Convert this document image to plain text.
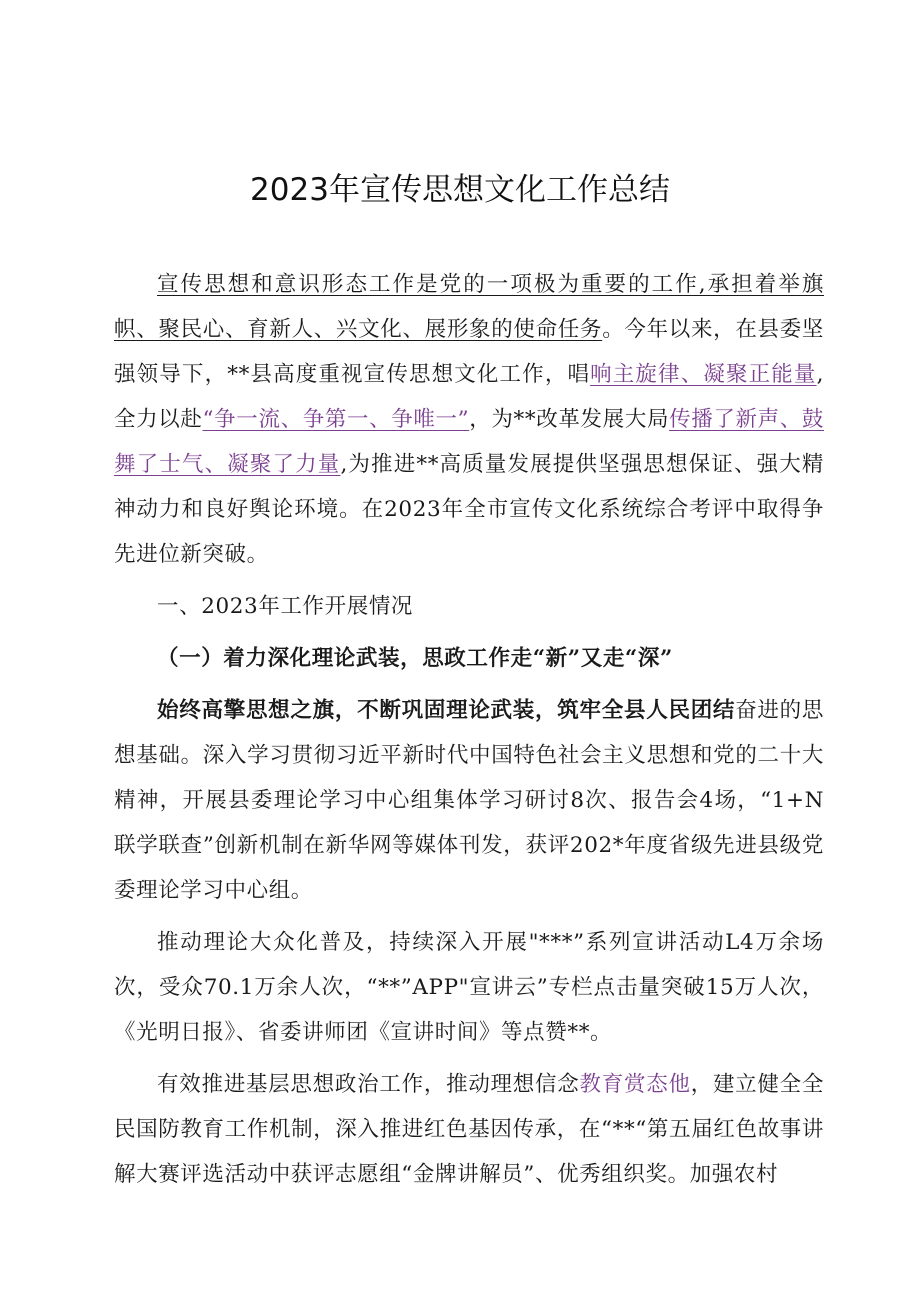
2023年宣传思想文化工作总结

宣传思想和意识形态工作是党的一项极为重要的工作,承担着举旗帜、聚民心、育新人、兴文化、展形象的使命任务。今年以来，在县委坚强领导下，**县高度重视宣传思想文化工作，唱响主旋律、凝聚正能量,全力以赴“争一流、争第一、争唯一”，为**改革发展大局传播了新声、鼓舞了士气、凝聚了力量,为推进**高质量发展提供坚强思想保证、强大精神动力和良好舆论环境。在2023年全市宣传文化系统综合考评中取得争先进位新突破。

一、2023年工作开展情况

（一）着力深化理论武装，思政工作走“新”又走“深”

始终高擎思想之旗，不断巩固理论武装，筑牢全县人民团结奋进的思想基础。深入学习贯彻习近平新时代中国特色社会主义思想和党的二十大精神，开展县委理论学习中心组集体学习研讨8次、报告会4场，“1+N联学联查”创新机制在新华网等媒体刊发，获评202*年度省级先进县级党委理论学习中心组。

推动理论大众化普及，持续深入开展"***”系列宣讲活动L4万余场次，受众70.1万余人次，“**”APP"宣讲云”专栏点击量突破15万人次，《光明日报》、省委讲师团《宣讲时间》等点赞**。

有效推进基层思想政治工作，推动理想信念教育赏态他，建立健全全民国防教育工作机制，深入推进红色基因传承，在“**“第五届红色故事讲解大赛评选活动中获评志愿组“金牌讲解员”、优秀组织奖。加强农村
